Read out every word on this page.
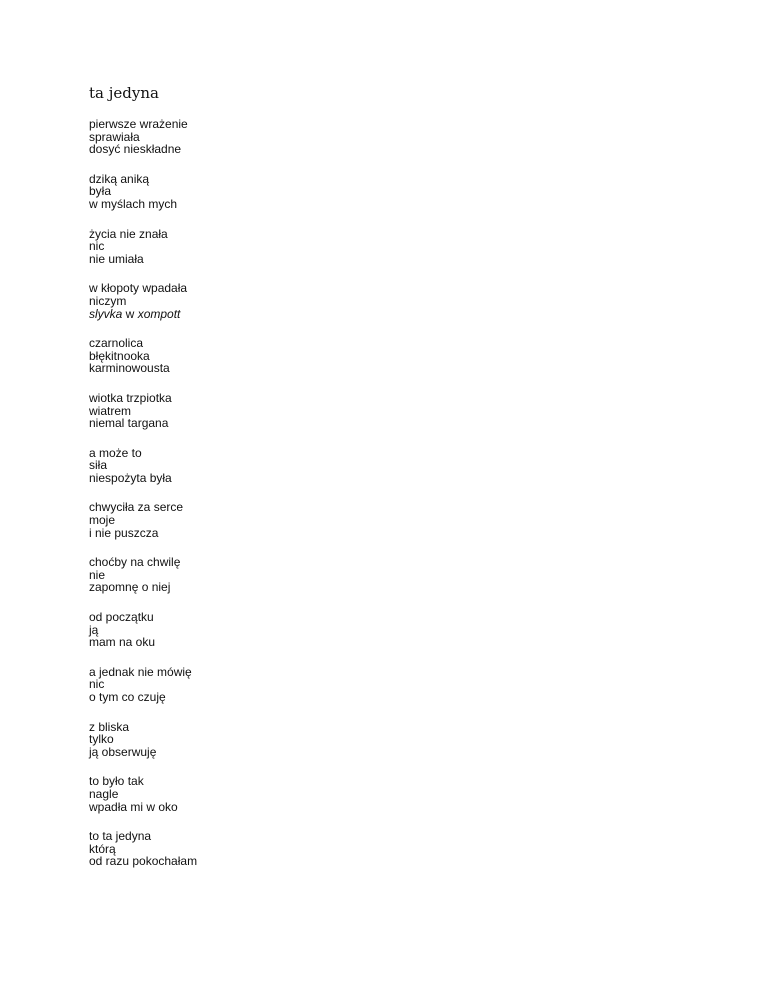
ta jedyna
pierwsze wrażenie
sprawiała
dosyć nieskładne
dziką aniką
była
w myślach mych
życia nie znała
nic
nie umiała
w kłopoty wpadała
niczym
slyvka w xompott
czarnolica
błękitnooka
karminowousta
wiotka trzpiotka
wiatrem
niemal targana
a może to
siła
niespożyta była
chwyciła za serce
moje
i nie puszcza
choćby na chwilę
nie
zapomnę o niej
od początku
ją
mam na oku
a jednak nie mówię
nic
o tym co czuję
z bliska
tylko
ją obserwuję
to było tak
nagle
wpadła mi w oko
to ta jedyna
którą
od razu pokochałam
